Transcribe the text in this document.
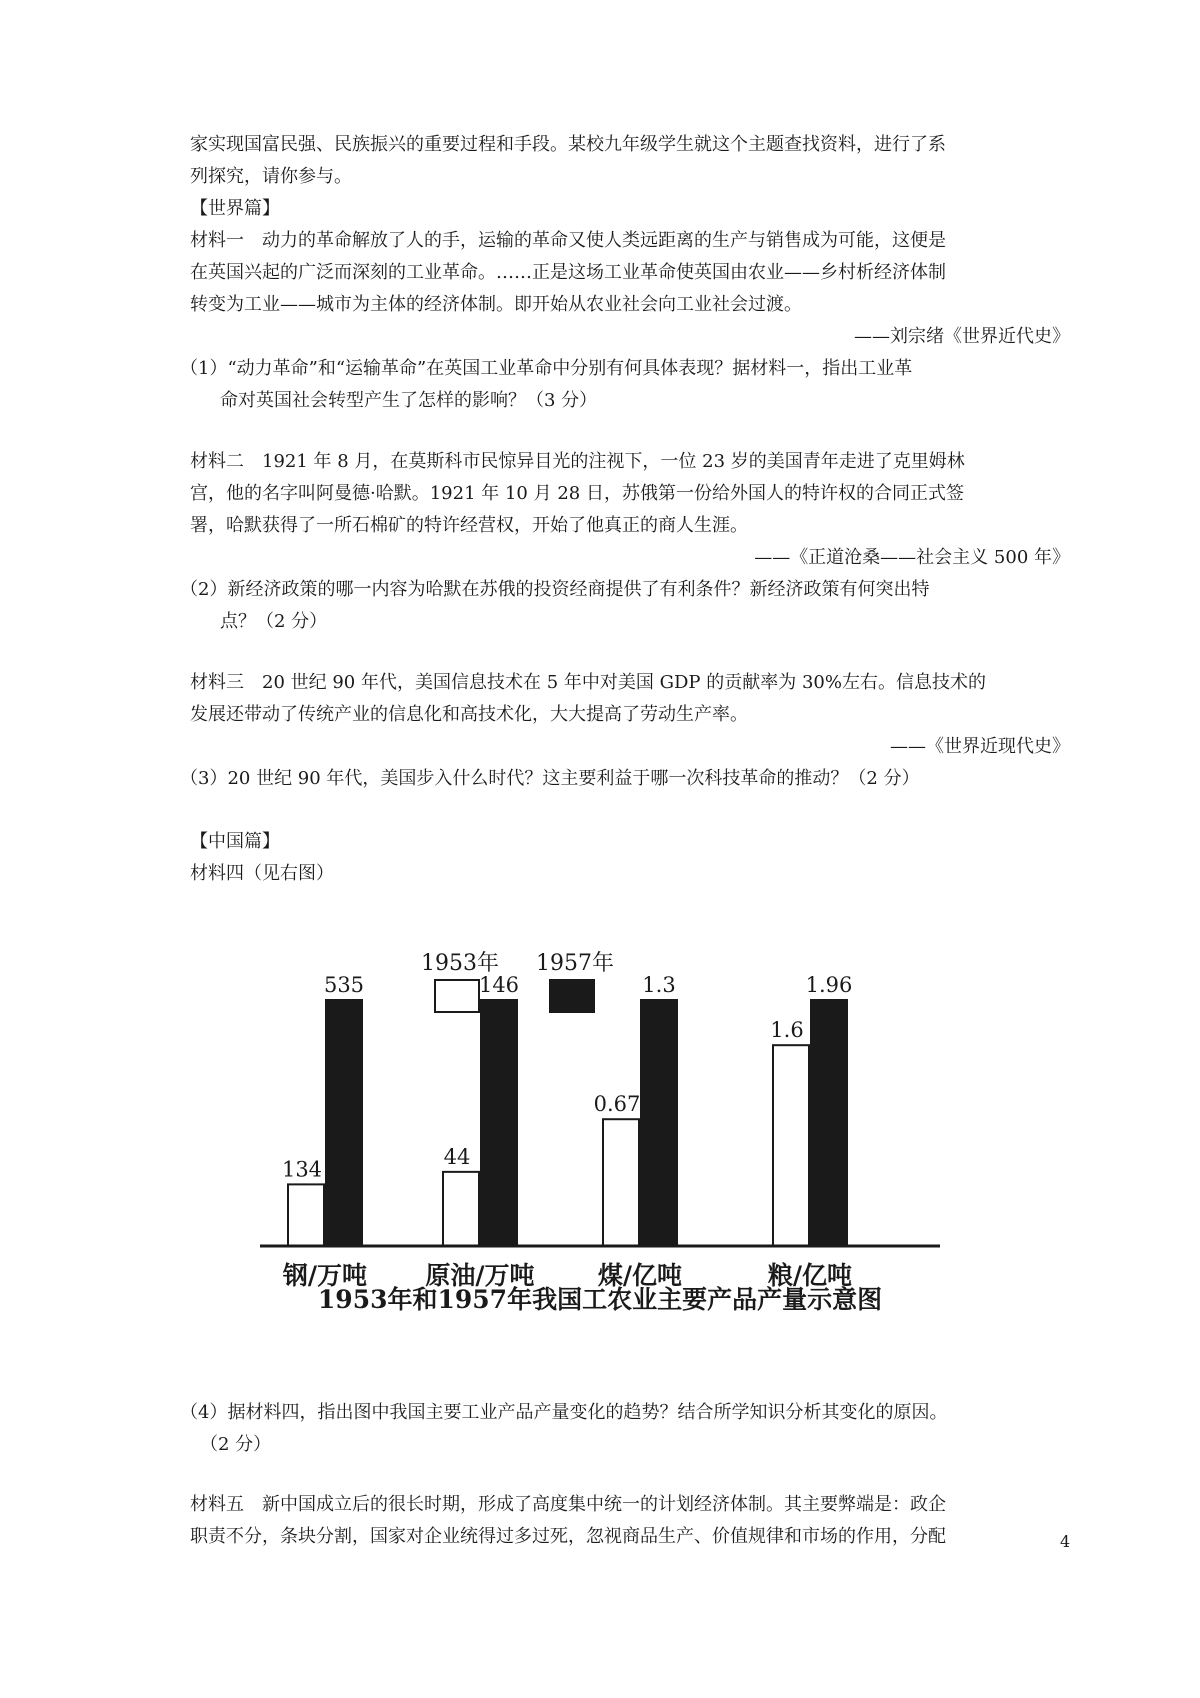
家实现国富民强、民族振兴的重要过程和手段。某校九年级学生就这个主题查找资料，进行了系
列探究，请你参与。
【世界篇】
材料一　动力的革命解放了人的手，运输的革命又使人类远距离的生产与销售成为可能，这便是
在英国兴起的广泛而深刻的工业革命。……正是这场工业革命使英国由农业——乡村析经济体制
转变为工业——城市为主体的经济体制。即开始从农业社会向工业社会过渡。
——刘宗绪《世界近代史》
（1）“动力革命”和“运输革命”在英国工业革命中分别有何具体表现？据材料一，指出工业革
命对英国社会转型产生了怎样的影响？（3 分）
材料二　1921 年 8 月，在莫斯科市民惊异目光的注视下，一位 23 岁的美国青年走进了克里姆林
宫，他的名字叫阿曼德·哈默。1921 年 10 月 28 日，苏俄第一份给外国人的特许权的合同正式签
署，哈默获得了一所石棉矿的特许经营权，开始了他真正的商人生涯。
——《正道沧桑——社会主义 500 年》
（2）新经济政策的哪一内容为哈默在苏俄的投资经商提供了有利条件？新经济政策有何突出特
点？（2 分）
材料三　20 世纪 90 年代，美国信息技术在 5 年中对美国 GDP 的贡献率为 30%左右。信息技术的
发展还带动了传统产业的信息化和高技术化，大大提高了劳动生产率。
——《世界近现代史》
（3）20 世纪 90 年代，美国步入什么时代？这主要利益于哪一次科技革命的推动？（2 分）
【中国篇】
材料四（见右图）
1953年 1957年
134
535
44
146
0.67
1.3
1.6
1.96
钢/万吨 原油/万吨	煤/亿吨	粮/亿吨
1953年和1957年我国工农业主要产品产量示意图
（4）据材料四，指出图中我国主要工业产品产量变化的趋势？结合所学知识分析其变化的原因。
（2 分）
材料五　新中国成立后的很长时期，形成了高度集中统一的计划经济体制。其主要弊端是：政企
职责不分，条块分割，国家对企业统得过多过死，忽视商品生产、价值规律和市场的作用，分配	4
